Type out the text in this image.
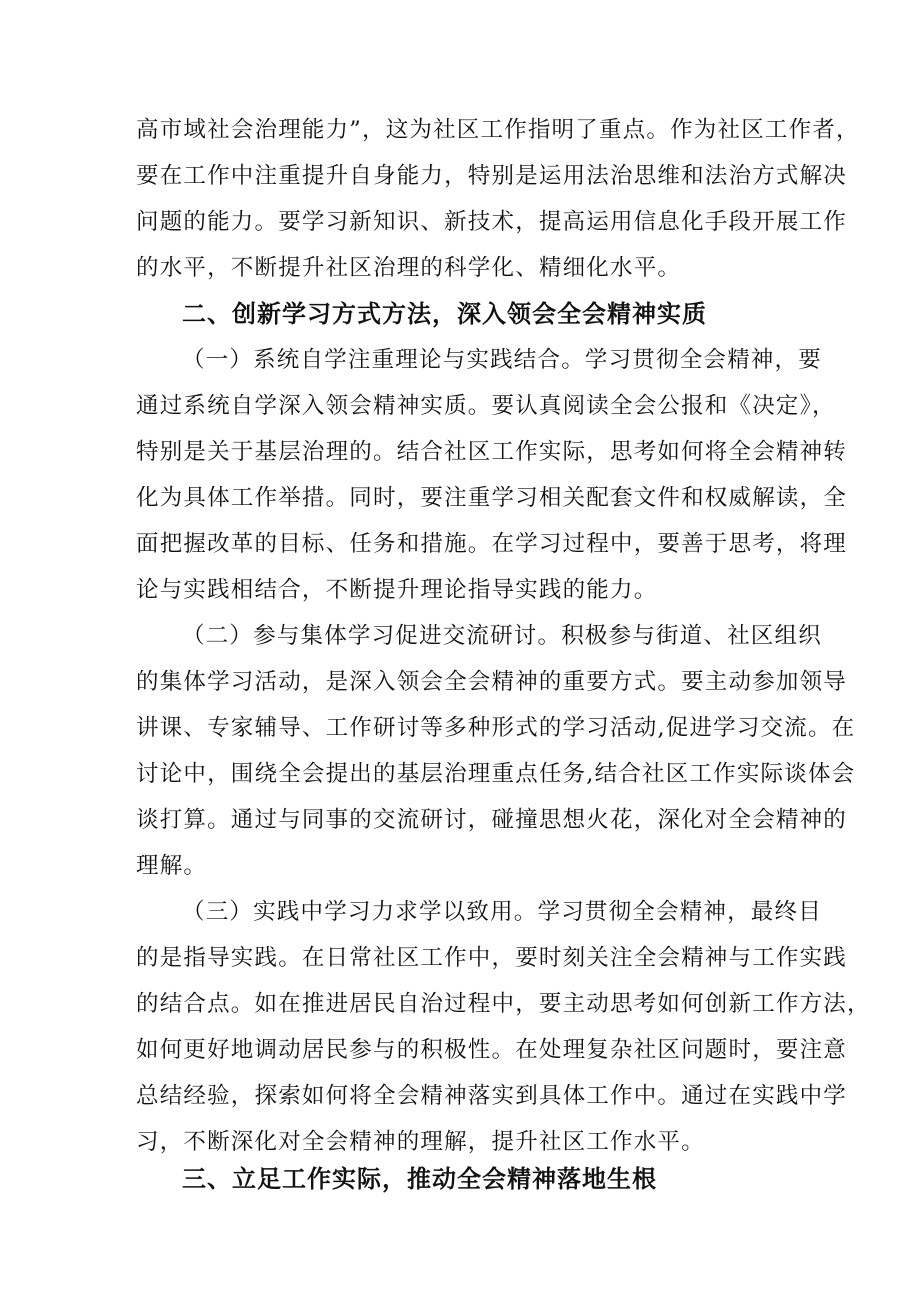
高市域社会治理能力”，这为社区工作指明了重点。作为社区工作者，
要在工作中注重提升自身能力，特别是运用法治思维和法治方式解决
问题的能力。要学习新知识、新技术，提高运用信息化手段开展工作
的水平，不断提升社区治理的科学化、精细化水平。
二、创新学习方式方法，深入领会全会精神实质
（一）系统自学注重理论与实践结合。学习贯彻全会精神，要
通过系统自学深入领会精神实质。要认真阅读全会公报和《决定》，
特别是关于基层治理的。结合社区工作实际，思考如何将全会精神转
化为具体工作举措。同时，要注重学习相关配套文件和权威解读，全
面把握改革的目标、任务和措施。在学习过程中，要善于思考，将理
论与实践相结合，不断提升理论指导实践的能力。
（二）参与集体学习促进交流研讨。积极参与街道、社区组织
的集体学习活动，是深入领会全会精神的重要方式。要主动参加领导
讲课、专家辅导、工作研讨等多种形式的学习活动,促进学习交流。在
讨论中，围绕全会提出的基层治理重点任务,结合社区工作实际谈体会
谈打算。通过与同事的交流研讨，碰撞思想火花，深化对全会精神的
理解。
（三）实践中学习力求学以致用。学习贯彻全会精神，最终目
的是指导实践。在日常社区工作中，要时刻关注全会精神与工作实践
的结合点。如在推进居民自治过程中，要主动思考如何创新工作方法，
如何更好地调动居民参与的积极性。在处理复杂社区问题时，要注意
总结经验，探索如何将全会精神落实到具体工作中。通过在实践中学
习，不断深化对全会精神的理解，提升社区工作水平。
三、立足工作实际，推动全会精神落地生根
